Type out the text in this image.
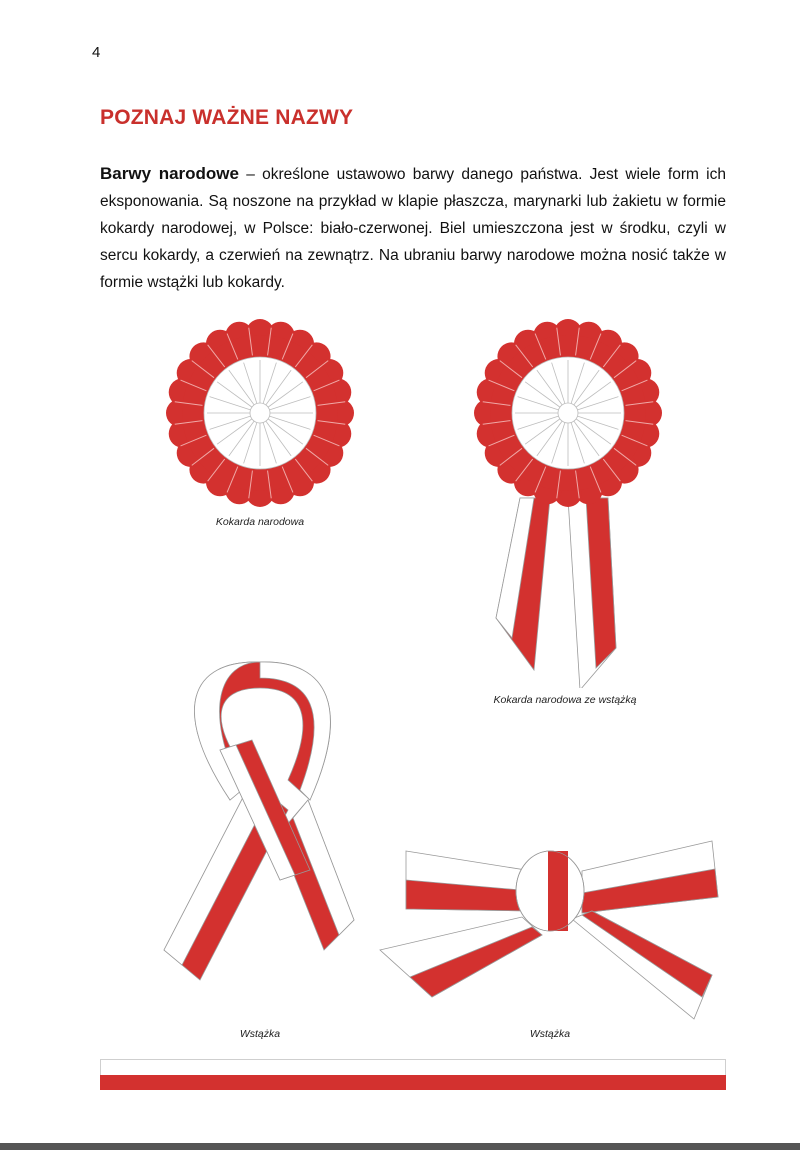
4
POZNAJ WAŻNE NAZWY

Barwy narodowe – określone ustawowo barwy danego państwa. Jest wiele form ich eksponowania. Są noszone na przykład w klapie płaszcza, marynarki lub żakietu w formie kokardy narodowej, w Polsce: biało-czerwonej. Biel umieszczona jest w środku, czyli w sercu kokardy, a czerwień na zewnątrz. Na ubraniu barwy narodowe można nosić także w formie wstążki lub kokardy.

Kokarda narodowa
Kokarda narodowa ze wstążką
Wstążka	Wstążka
